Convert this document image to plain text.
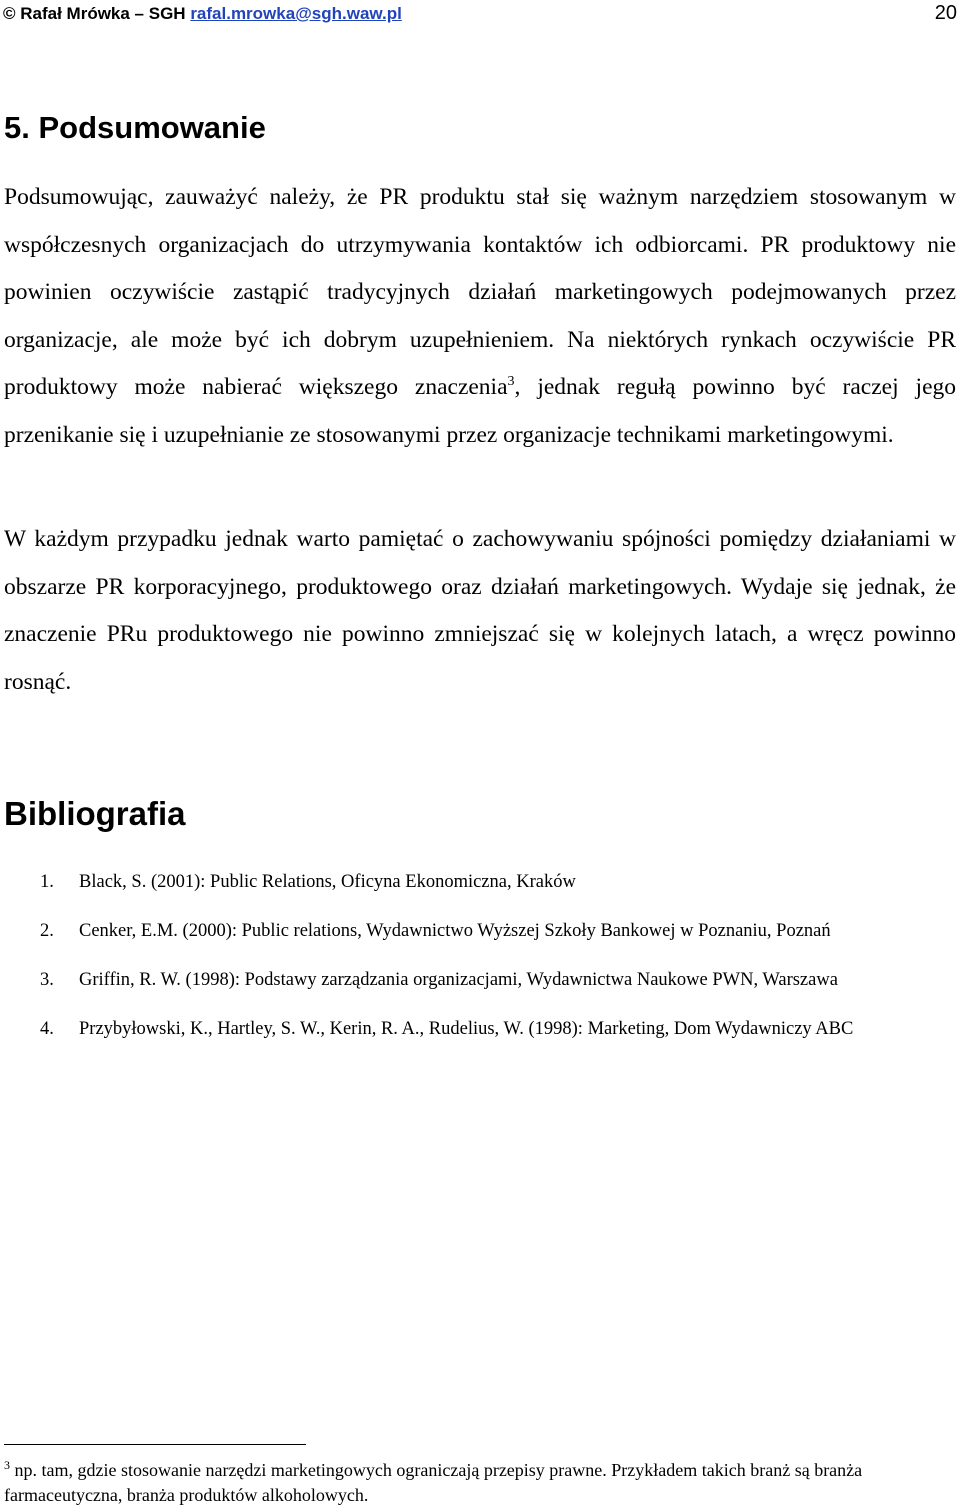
© Rafał Mrówka – SGH rafal.mrowka@sgh.waw.pl	20
5. Podsumowanie
Podsumowując, zauważyć należy, że PR produktu stał się ważnym narzędziem stosowanym w współczesnych organizacjach do utrzymywania kontaktów ich odbiorcami. PR produktowy nie powinien oczywiście zastąpić tradycyjnych działań marketingowych podejmowanych przez organizacje, ale może być ich dobrym uzupełnieniem. Na niektórych rynkach oczywiście PR produktowy może nabierać większego znaczenia$^3$, jednak regułą powinno być raczej jego przenikanie się i uzupełnianie ze stosowanymi przez organizacje technikami marketingowymi.
W każdym przypadku jednak warto pamiętać o zachowywaniu spójności pomiędzy działaniami w obszarze PR korporacyjnego, produktowego oraz działań marketingowych. Wydaje się jednak, że znaczenie PRu produktowego nie powinno zmniejszać się w kolejnych latach, a wręcz powinno rosnąć.
Bibliografia
1. Black, S. (2001): Public Relations, Oficyna Ekonomiczna, Kraków
2. Cenker, E.M. (2000): Public relations, Wydawnictwo Wyższej Szkoły Bankowej w Poznaniu, Poznań
3. Griffin, R. W. (1998): Podstawy zarządzania organizacjami, Wydawnictwa Naukowe PWN, Warszawa
4. Przybyłowski, K., Hartley, S. W., Kerin, R. A., Rudelius, W. (1998): Marketing, Dom Wydawniczy ABC
$^3$ np. tam, gdzie stosowanie narzędzi marketingowych ograniczają przepisy prawne. Przykładem takich branż są branża farmaceutyczna, branża produktów alkoholowych.
